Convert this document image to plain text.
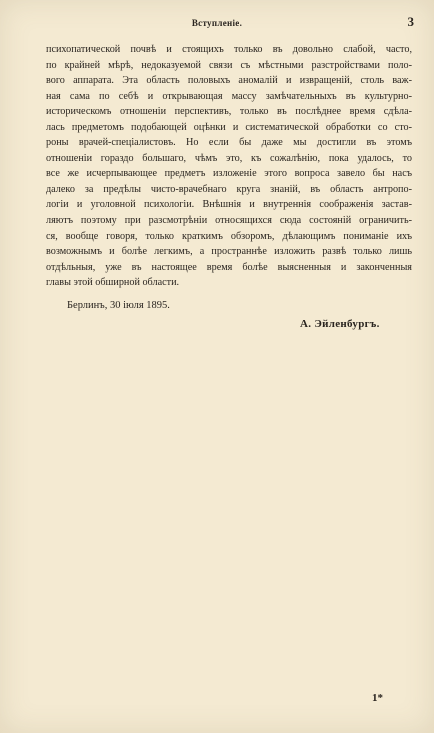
Вступленіе.	3
психопатической почвѣ и стоящихъ только въ довольно слабой, часто,
по крайней мѣрѣ, недоказуемой связи съ мѣстными разстройствами поло-
вого аппарата. Эта область половыхъ аномалій и извращеній, столь важ-
ная сама по себѣ и открывающая массу замѣчательныхъ въ культурно-
историческомъ отношеніи перспективъ, только въ послѣднее время сдѣла-
лась предметомъ подобающей оцѣнки и систематической обработки со сто-
роны врачей-спеціалистовъ. Но если бы даже мы достигли въ этомъ
отношеніи гораздо большаго, чѣмъ это, къ сожалѣнію, пока удалось, то
все же исчерпывающее предметъ изложеніе этого вопроса завело бы насъ
далеко за предѣлы чисто-врачебнаго круга знаній, въ область антропо-
логіи и уголовной психологіи. Внѣшнія и внутреннія соображенія застав-
ляютъ поэтому при разсмотрѣніи относящихся сюда состояній ограничить-
ся, вообще говоря, только краткимъ обзоромъ, дѣлающимъ пониманіе ихъ
возможнымъ и болѣе легкимъ, а пространнѣе изложить развѣ только лишь
отдѣльныя, уже въ настоящее время болѣе выясненныя и законченныя
главы этой обширной области.
Берлинъ, 30 іюля 1895.
А. Эйленбургъ.
1*
